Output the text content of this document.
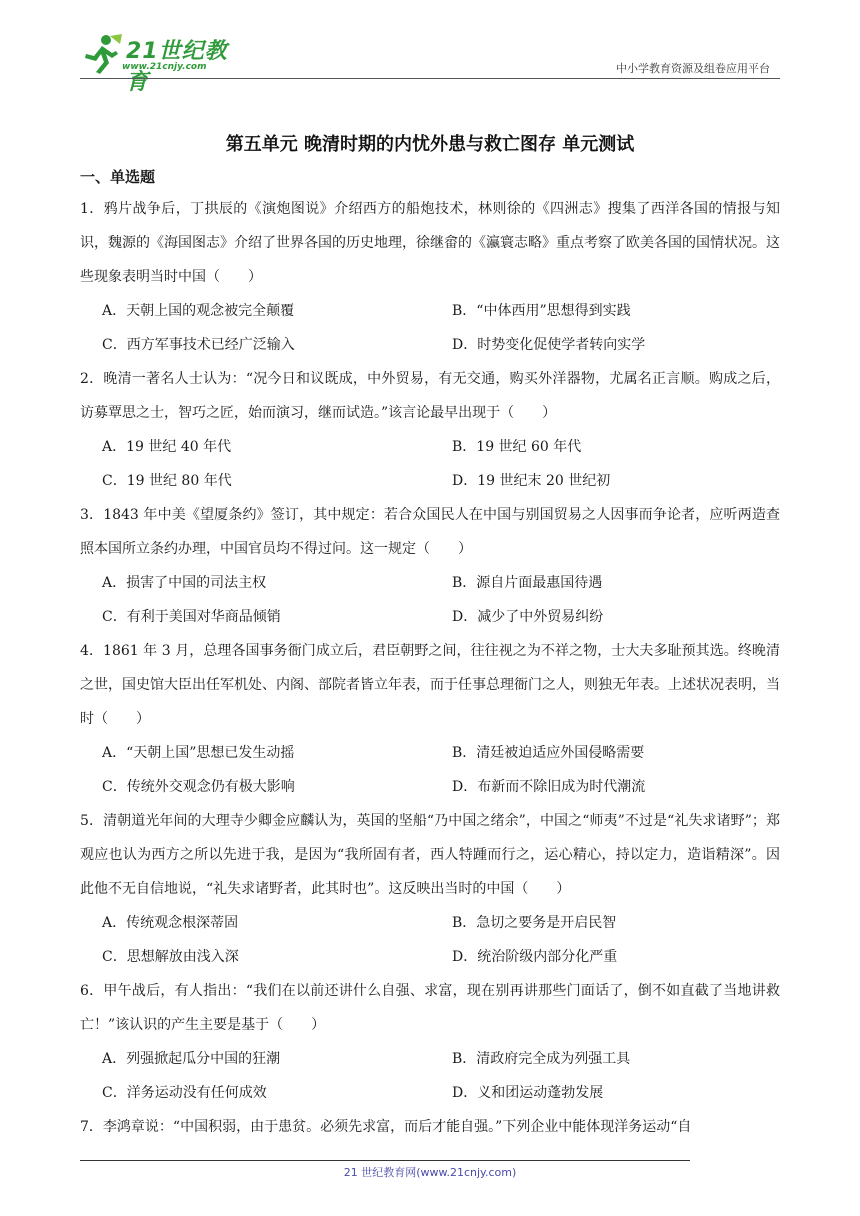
21世纪教育
www.21cnjy.com	中小学教育资源及组卷应用平台
第五单元 晚清时期的内忧外患与救亡图存 单元测试
一、单选题

1．鸦片战争后，丁拱辰的《演炮图说》介绍西方的船炮技术，林则徐的《四洲志》搜集了西洋各国的情报与知识，魏源的《海国图志》介绍了世界各国的历史地理，徐继畲的《瀛寰志略》重点考察了欧美各国的国情状况。这些现象表明当时中国（　　）

A．天朝上国的观念被完全颠覆	B．“中体西用”思想得到实践
C．西方军事技术已经广泛输入	D．时势变化促使学者转向实学

2．晚清一著名人士认为：“况今日和议既成，中外贸易，有无交通，购买外洋器物，尤属名正言顺。购成之后，访募覃思之士，智巧之匠，始而演习，继而试造。”该言论最早出现于（　　）

A．19 世纪 40 年代	B．19 世纪 60 年代
C．19 世纪 80 年代	D．19 世纪末 20 世纪初

3．1843 年中美《望厦条约》签订，其中规定：若合众国民人在中国与别国贸易之人因事而争论者，应听两造查照本国所立条约办理，中国官员均不得过问。这一规定（　　）

A．损害了中国的司法主权	B．源自片面最惠国待遇
C．有利于美国对华商品倾销	D．减少了中外贸易纠纷

4．1861 年 3 月，总理各国事务衙门成立后，君臣朝野之间，往往视之为不祥之物，士大夫多耻预其选。终晚清之世，国史馆大臣出任军机处、内阁、部院者皆立年表，而于任事总理衙门之人，则独无年表。上述状况表明，当时（　　）

A．“天朝上国”思想已发生动摇	B．清廷被迫适应外国侵略需要
C．传统外交观念仍有极大影响	D．布新而不除旧成为时代潮流

5．清朝道光年间的大理寺少卿金应麟认为，英国的坚船“乃中国之绪余”，中国之“师夷”不过是“礼失求诸野”；郑观应也认为西方之所以先进于我，是因为“我所固有者，西人特踵而行之，运心精心，持以定力，造诣精深”。因此他不无自信地说，“礼失求诸野者，此其时也”。这反映出当时的中国（　　）

A．传统观念根深蒂固	B．急切之要务是开启民智
C．思想解放由浅入深	D．统治阶级内部分化严重

6．甲午战后，有人指出：“我们在以前还讲什么自强、求富，现在别再讲那些门面话了，倒不如直截了当地讲救亡！”该认识的产生主要是基于（　　）

A．列强掀起瓜分中国的狂潮	B．清政府完全成为列强工具
C．洋务运动没有任何成效	D．义和团运动蓬勃发展

7．李鸿章说：“中国积弱，由于患贫。必须先求富，而后才能自强。”下列企业中能体现洋务运动“自

21 世纪教育网(www.21cnjy.com)
